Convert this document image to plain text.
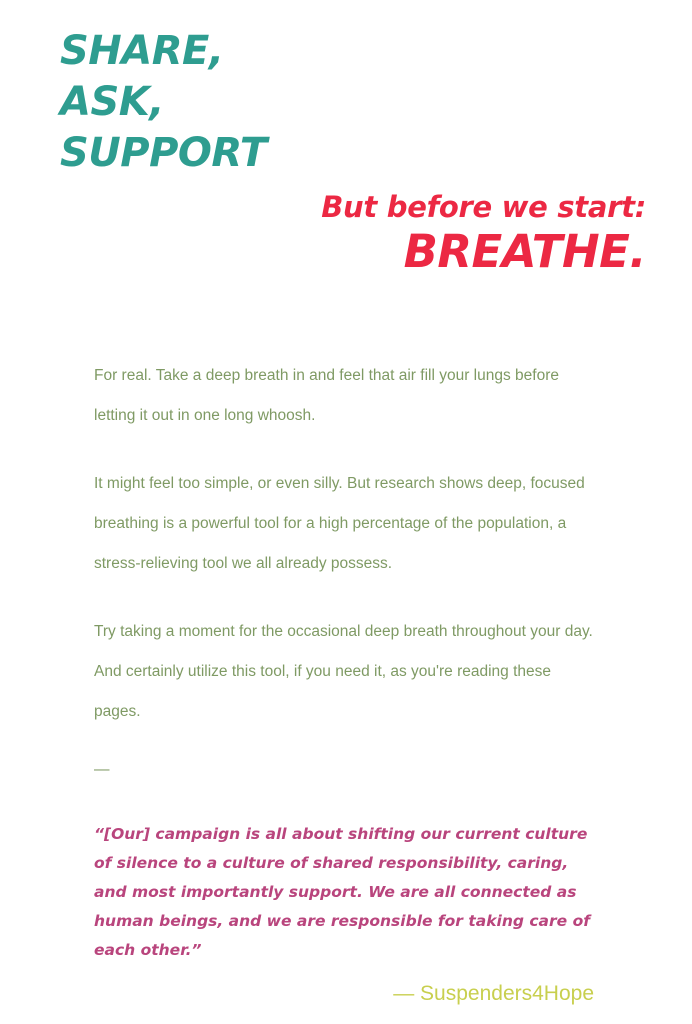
SHARE,
ASK,
SUPPORT
But before we start:
BREATHE.

For real. Take a deep breath in and feel that air fill your lungs before letting it out in one long whoosh.

It might feel too simple, or even silly. But research shows deep, focused breathing is a powerful tool for a high percentage of the population, a stress-relieving tool we all already possess.

Try taking a moment for the occasional deep breath throughout your day. And certainly utilize this tool, if you need it, as you're reading these pages.

—

“[Our] campaign is all about shifting our current culture of silence to a culture of shared responsibility, caring, and most importantly support. We are all connected as human beings, and we are responsible for taking care of each other.”

— Suspenders4Hope
